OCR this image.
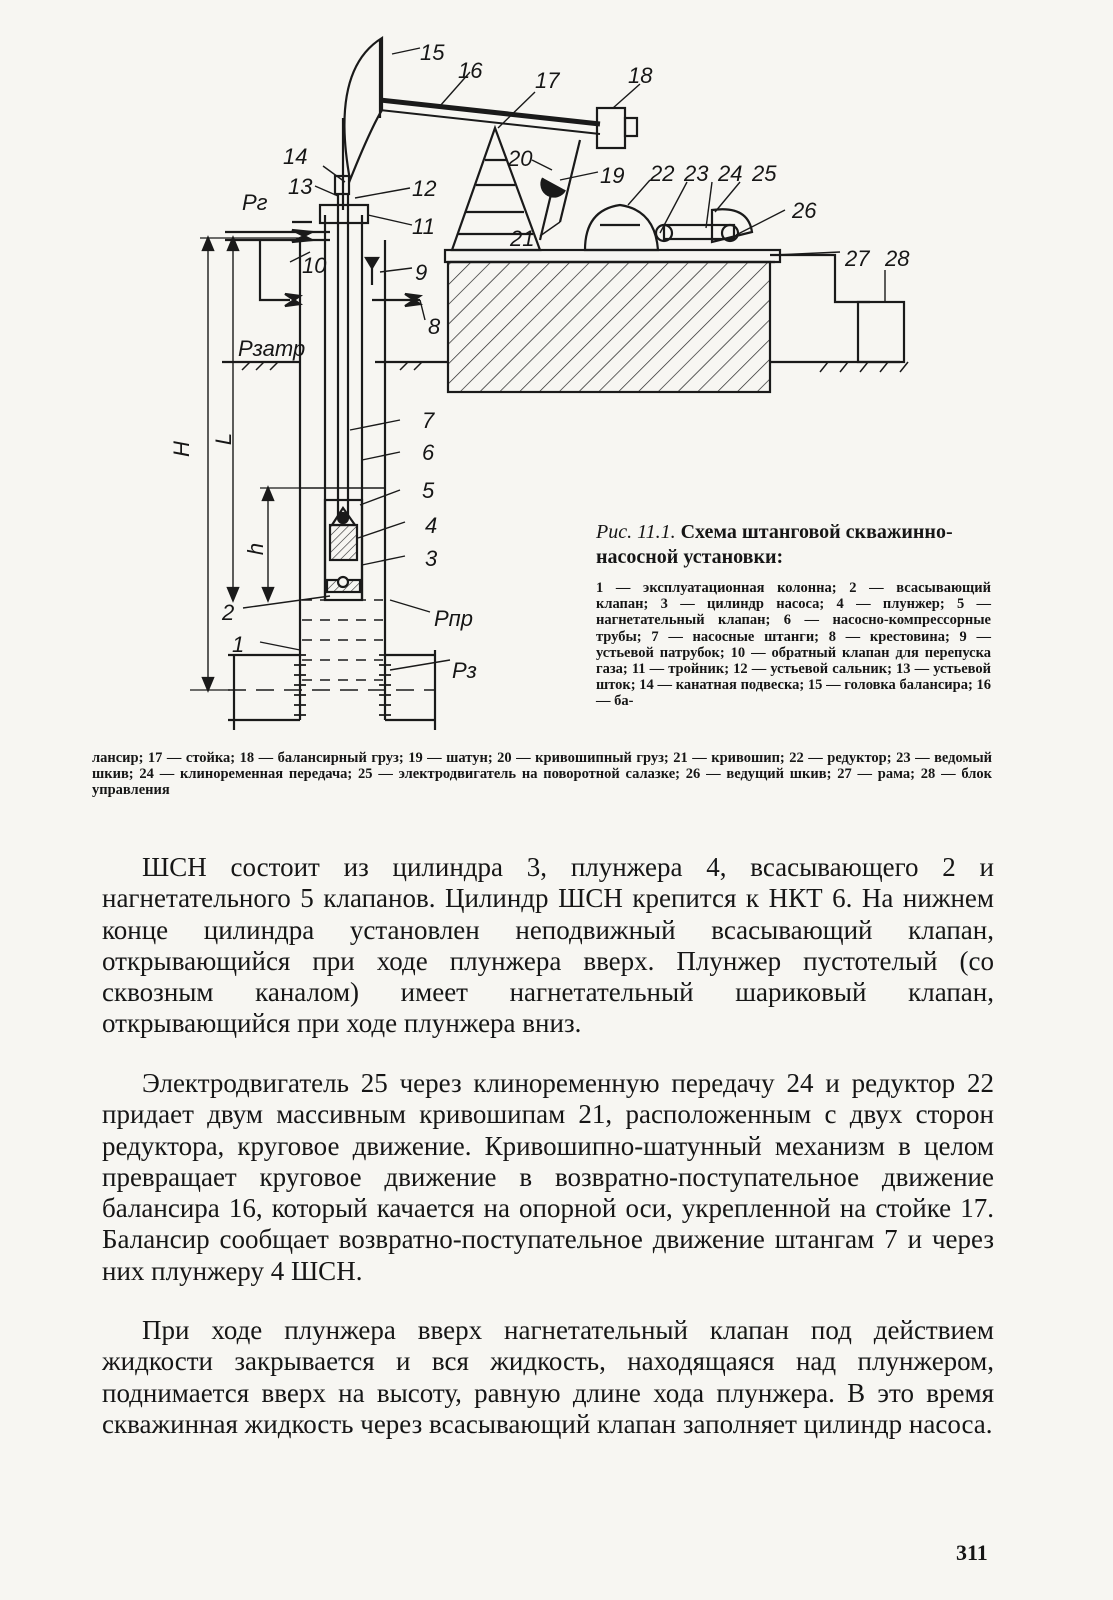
15
16 17	18
14
13
20
19 22 23 24 25
12
11
Рг	26
21
27 28
10	9
8
Рзатр
7
6
5
4
3
2	Рпр
1
Рз
Н
L
h
Рис. 11.1. Схема штанговой скважинно-насосной установки:
1 — эксплуатационная колонна; 2 — всасывающий клапан; 3 — цилиндр насоса; 4 — плунжер; 5 — нагнетательный клапан; 6 — насосно-компрессорные трубы; 7 — насосные штанги; 8 — крестовина; 9 — устьевой патрубок; 10 — обратный клапан для перепуска газа; 11 — тройник; 12 — устьевой сальник; 13 — устьевой шток; 14 — канатная подвеска; 15 — головка балансира; 16 — ба-
лансир; 17 — стойка; 18 — балансирный груз; 19 — шатун; 20 — кривошипный груз; 21 — кривошип; 22 — редуктор; 23 — ведомый шкив; 24 — клиноременная передача; 25 — электродвигатель на поворотной салазке; 26 — ведущий шкив; 27 — рама; 28 — блок управления

ШСН состоит из цилиндра 3, плунжера 4, всасывающего 2 и нагнетательного 5 клапанов. Цилиндр ШСН крепится к НКТ 6. На нижнем конце цилиндра установлен неподвижный всасывающий клапан, открывающийся при ходе плунжера вверх. Плунжер пустотелый (со сквозным каналом) имеет нагнетательный шариковый клапан, открывающийся при ходе плунжера вниз.

Электродвигатель 25 через клиноременную передачу 24 и редуктор 22 придает двум массивным кривошипам 21, расположенным с двух сторон редуктора, круговое движение. Кривошипно-шатунный механизм в целом превращает круговое движение в возвратно-поступательное движение балансира 16, который качается на опорной оси, укрепленной на стойке 17. Балансир сообщает возвратно-поступательное движение штангам 7 и через них плунжеру 4 ШСН.

При ходе плунжера вверх нагнетательный клапан под действием жидкости закрывается и вся жидкость, находящаяся над плунжером, поднимается вверх на высоту, равную длине хода плунжера. В это время скважинная жидкость через всасывающий клапан заполняет цилиндр насоса.

311
